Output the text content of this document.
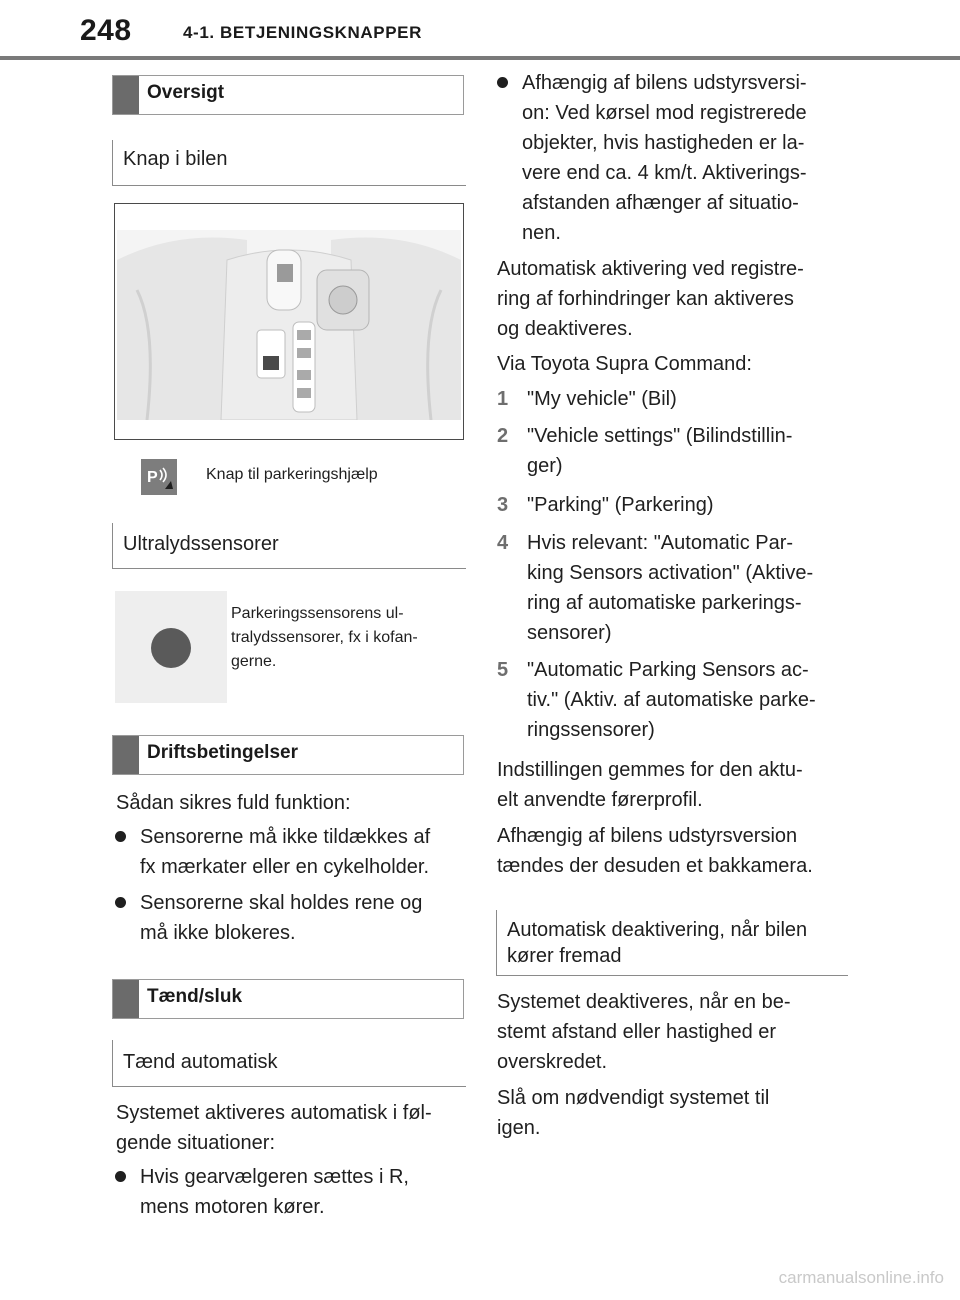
248	4-1. BETJENINGSKNAPPER
Oversigt
Knap i bilen
P	Knap til parkeringshjælp
Ultralydssensorer
Parkeringssensorens ul-
tralydssensorer, fx i kofan-
gerne.
Driftsbetingelser
Sådan sikres fuld funktion:
Sensorerne må ikke tildækkes af
fx mærkater eller en cykelholder.
Sensorerne skal holdes rene og
må ikke blokeres.
Tænd/sluk
Tænd automatisk
Systemet aktiveres automatisk i føl-
gende situationer:
Hvis gearvælgeren sættes i R,
mens motoren kører.
Afhængig af bilens udstyrsversi-
on: Ved kørsel mod registrerede
objekter, hvis hastigheden er la-
vere end ca. 4 km/t. Aktiverings-
afstanden afhænger af situatio-
nen.
Automatisk aktivering ved registre-
ring af forhindringer kan aktiveres
og deaktiveres.
Via Toyota Supra Command:
1 "My vehicle" (Bil)
2 "Vehicle settings" (Bilindstillin-
ger)
3 "Parking" (Parkering)
4 Hvis relevant: "Automatic Par-
king Sensors activation" (Aktive-
ring af automatiske parkerings-
sensorer)
5 "Automatic Parking Sensors ac-
tiv." (Aktiv. af automatiske parke-
ringssensorer)
Indstillingen gemmes for den aktu-
elt anvendte førerprofil.
Afhængig af bilens udstyrsversion
tændes der desuden et bakkamera.
Automatisk deaktivering, når bilen
kører fremad
Systemet deaktiveres, når en be-
stemt afstand eller hastighed er
overskredet.
Slå om nødvendigt systemet til
igen.
carmanualsonline.info
